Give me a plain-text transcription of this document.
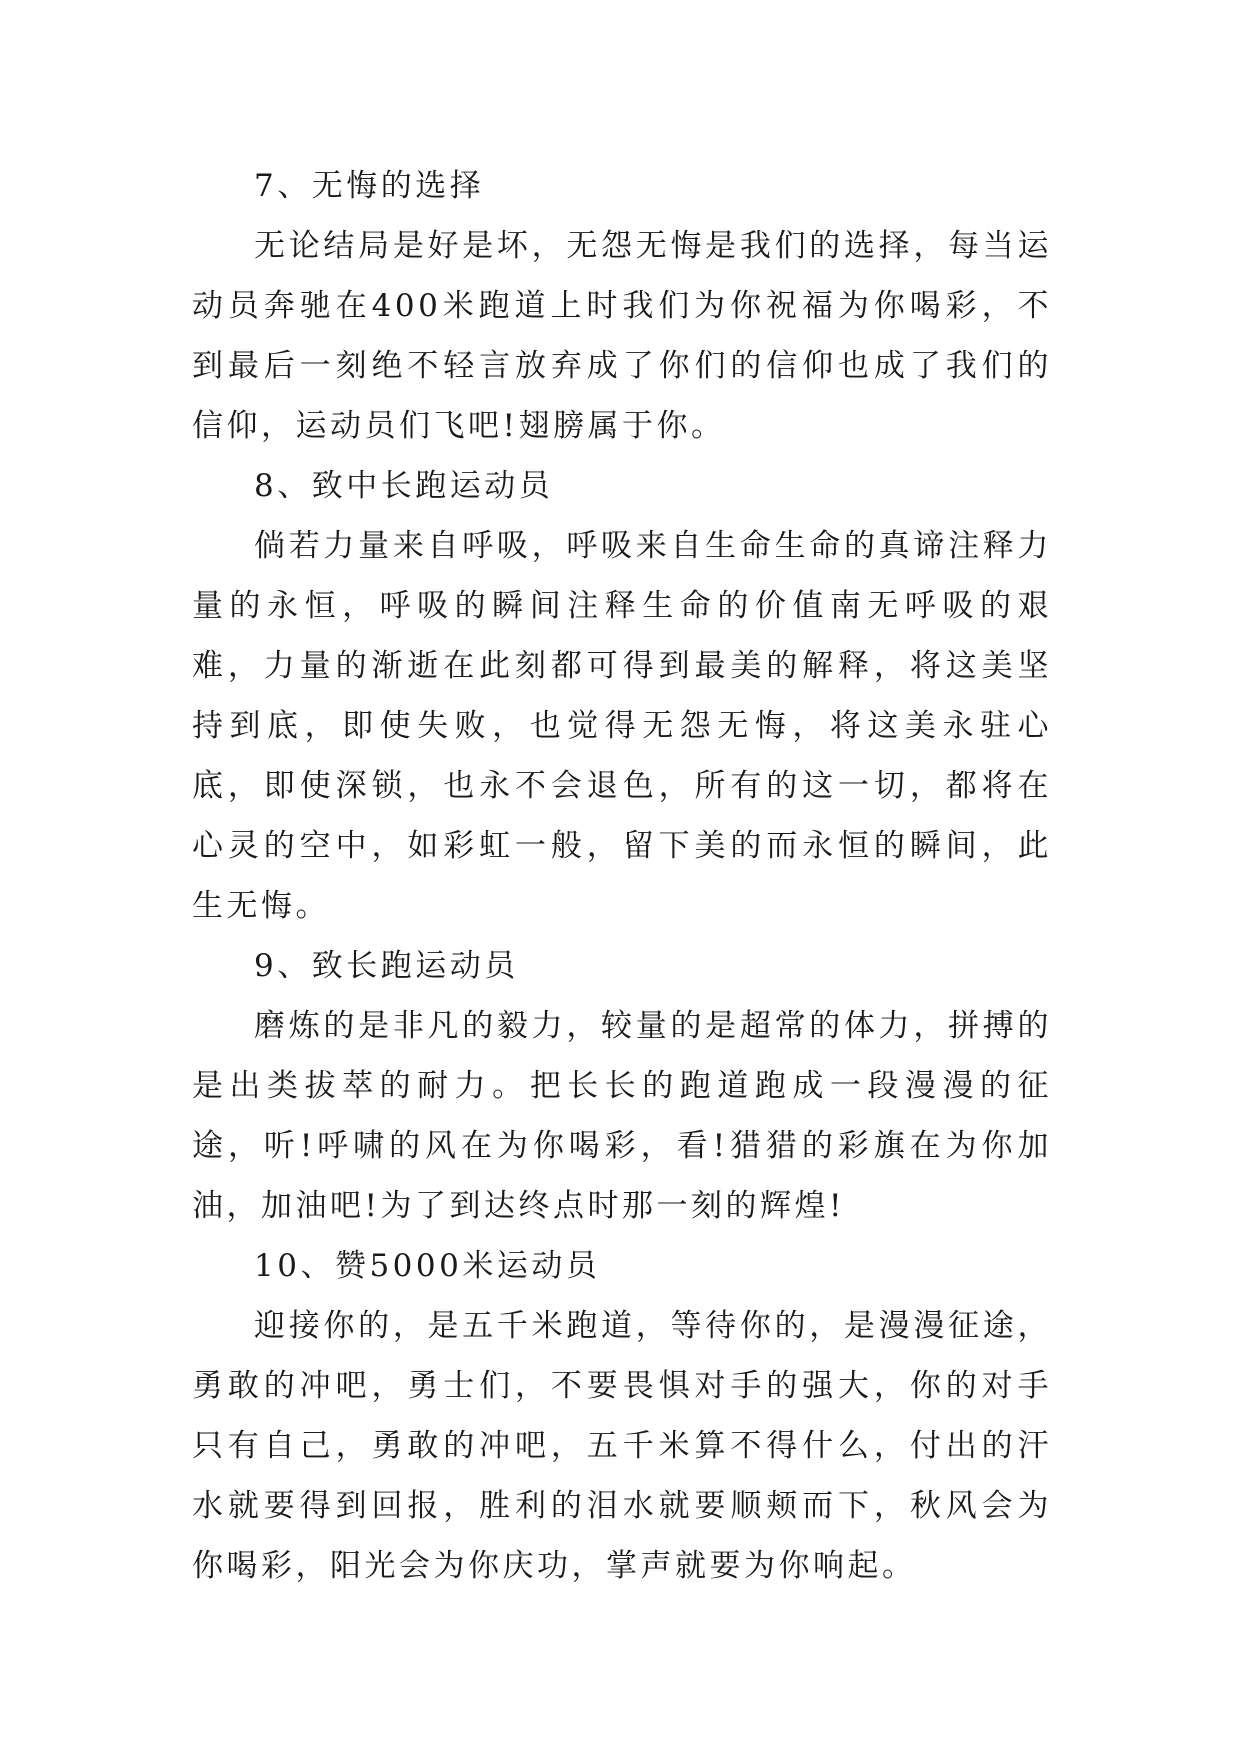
7、无悔的选择

无论结局是好是坏，无怨无悔是我们的选择，每当运动员奔驰在400米跑道上时我们为你祝福为你喝彩，不到最后一刻绝不轻言放弃成了你们的信仰也成了我们的信仰，运动员们飞吧!翅膀属于你。

8、致中长跑运动员

倘若力量来自呼吸，呼吸来自生命生命的真谛注释力量的永恒，呼吸的瞬间注释生命的价值南无呼吸的艰难，力量的渐逝在此刻都可得到最美的解释，将这美坚持到底，即使失败，也觉得无怨无悔，将这美永驻心底，即使深锁，也永不会退色，所有的这一切，都将在心灵的空中，如彩虹一般，留下美的而永恒的瞬间，此生无悔。

9、致长跑运动员

磨炼的是非凡的毅力，较量的是超常的体力，拼搏的是出类拔萃的耐力。把长长的跑道跑成一段漫漫的征途，听!呼啸的风在为你喝彩，看!猎猎的彩旗在为你加油，加油吧!为了到达终点时那一刻的辉煌!

10、赞5000米运动员

迎接你的，是五千米跑道，等待你的，是漫漫征途，勇敢的冲吧，勇士们，不要畏惧对手的强大，你的对手只有自己，勇敢的冲吧，五千米算不得什么，付出的汗水就要得到回报，胜利的泪水就要顺颊而下，秋风会为你喝彩，阳光会为你庆功，掌声就要为你响起。
